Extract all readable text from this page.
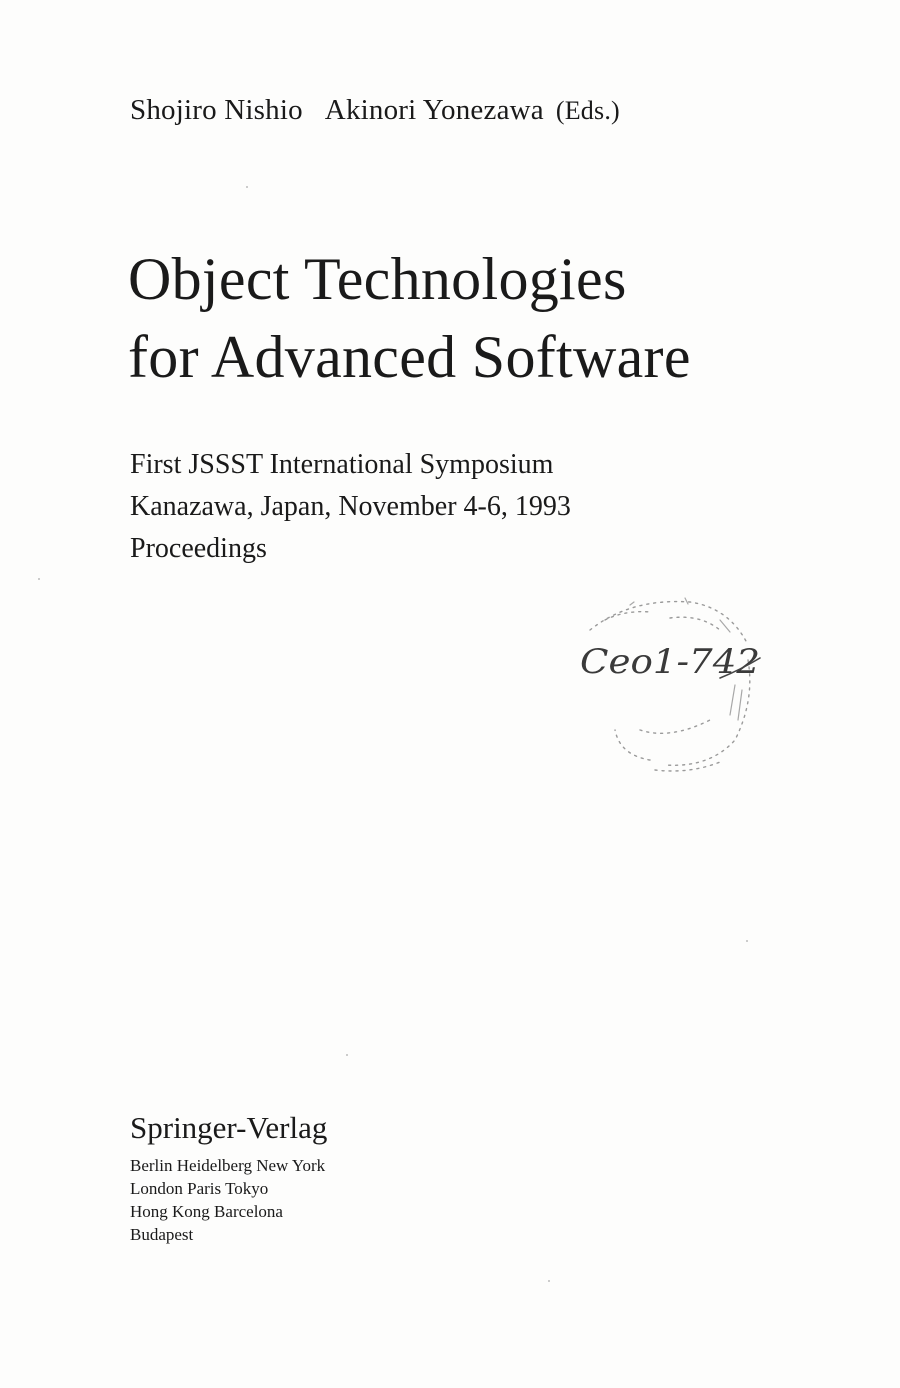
Shojiro Nishio Akinori Yonezawa (Eds.)
Object Technologies
for Advanced Software
First JSSST International Symposium
Kanazawa, Japan, November 4-6, 1993
Proceedings
Ceo1-742
Springer-Verlag
Berlin Heidelberg New York
London Paris Tokyo
Hong Kong Barcelona
Budapest
